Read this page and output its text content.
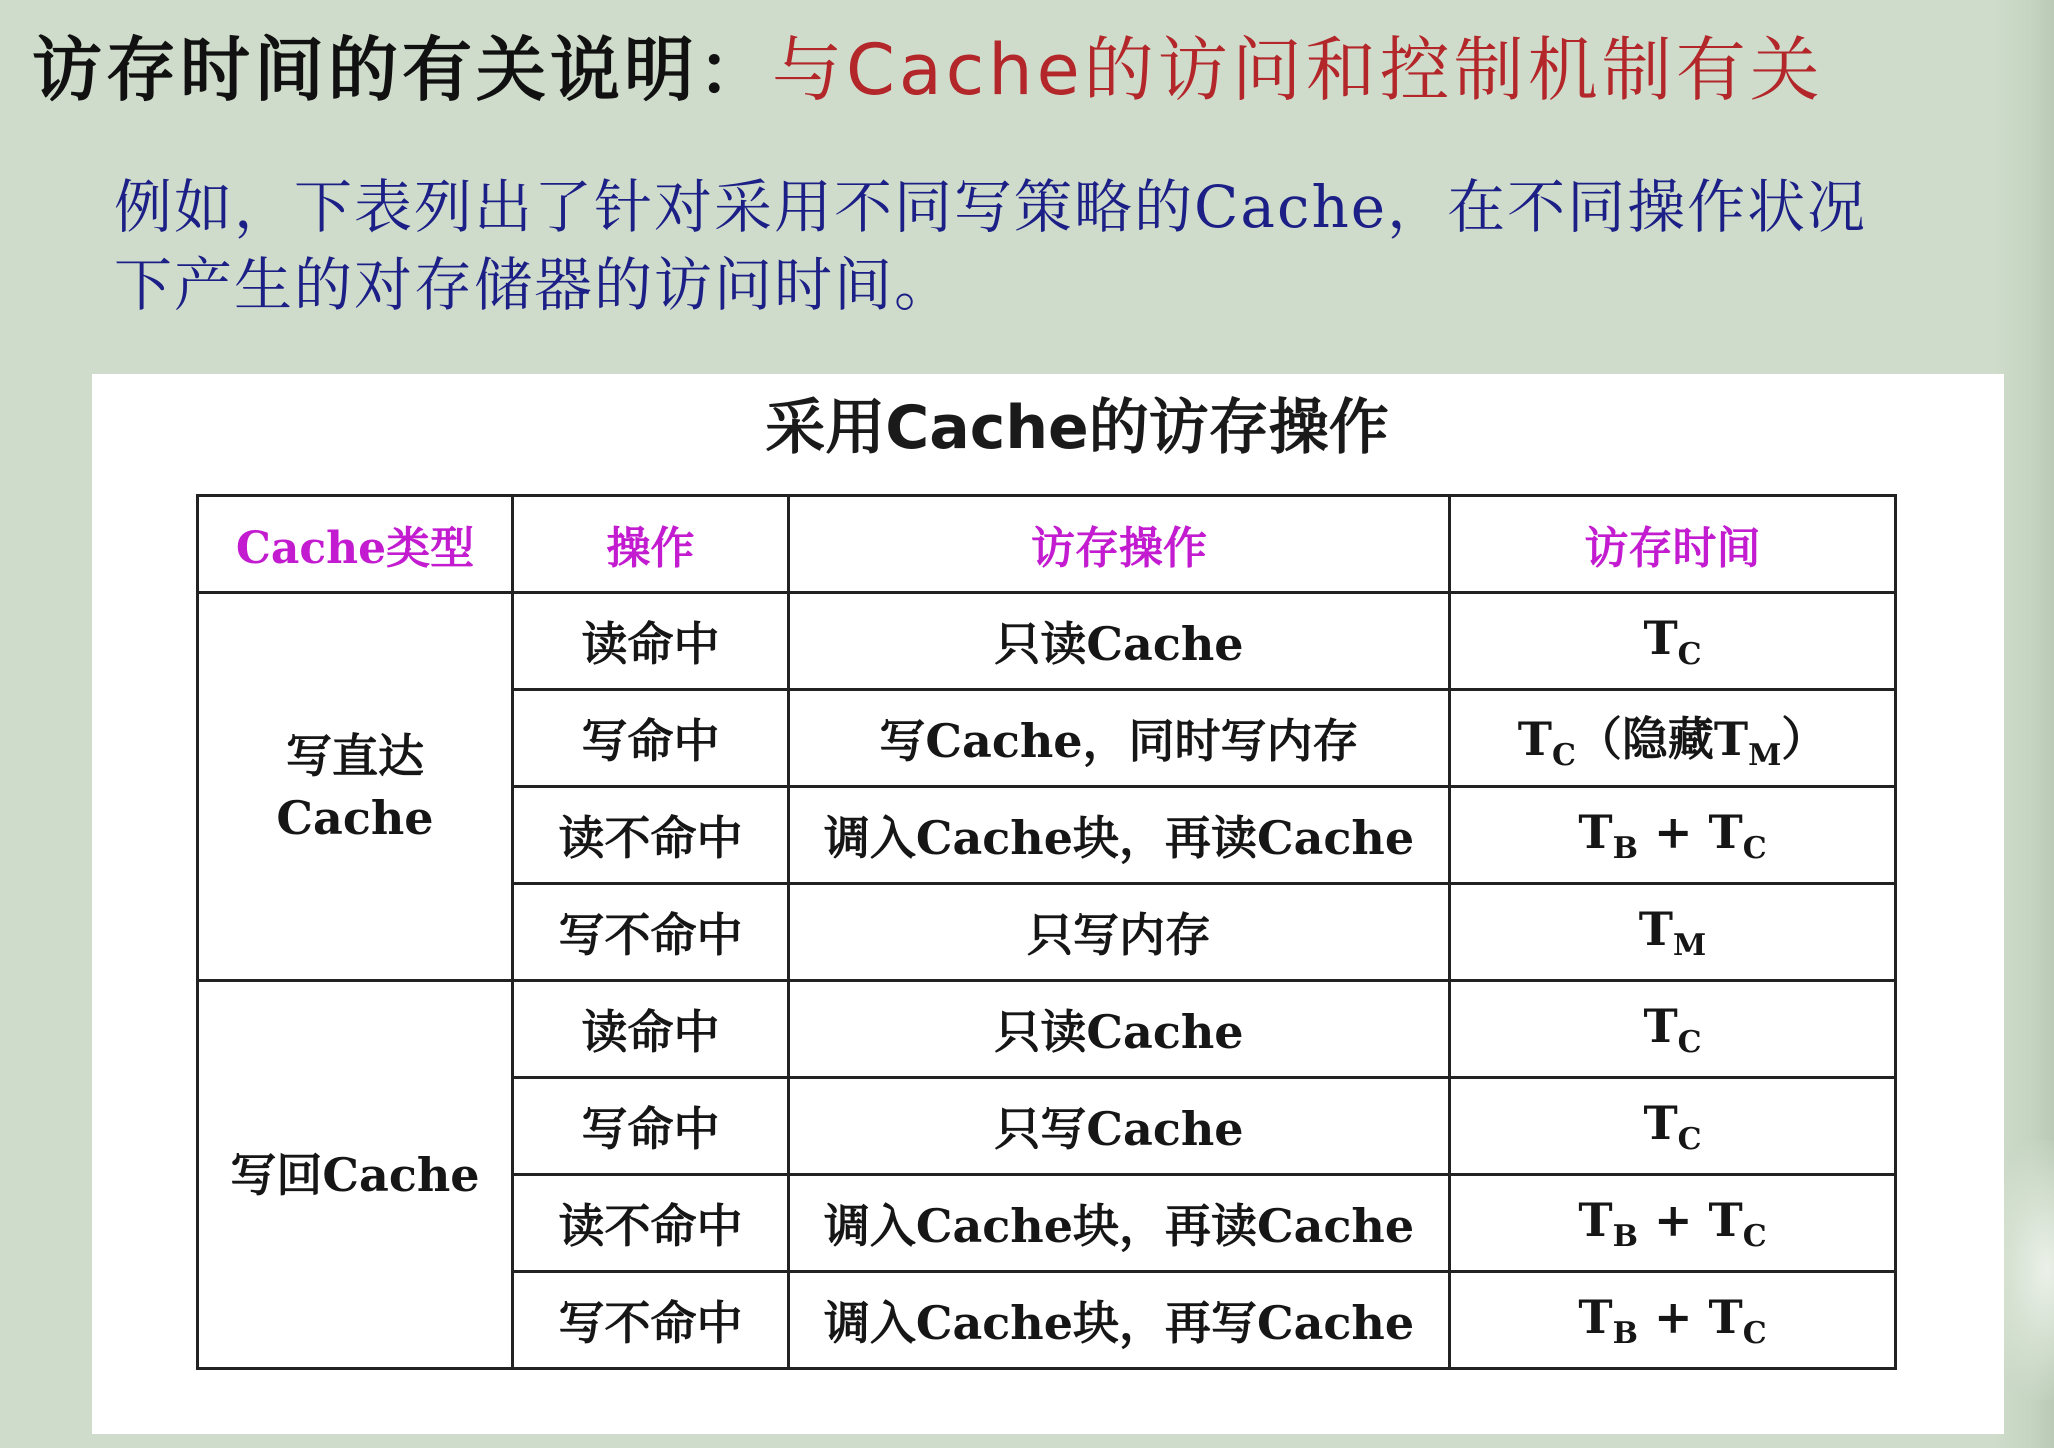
访存时间的有关说明：与Cache的访问和控制机制有关
例如，下表列出了针对采用不同写策略的Cache，在不同操作状况
下产生的对存储器的访问时间。
采用Cache的访存操作
Cache类型	操作	访存操作	访存时间

写直达
Cache	读命中	只读Cache	$T_C$
	写命中	写Cache，同时写内存	$T_C$（隐藏$T_M$）
	读不命中	调入Cache块，再读Cache	$T_B + T_C$
	写不命中	只写内存	$T_M$

写回Cache	读命中	只读Cache	$T_C$
	写命中	只写Cache	$T_C$
	读不命中	调入Cache块，再读Cache	$T_B + T_C$
	写不命中	调入Cache块，再写Cache	$T_B + T_C$
